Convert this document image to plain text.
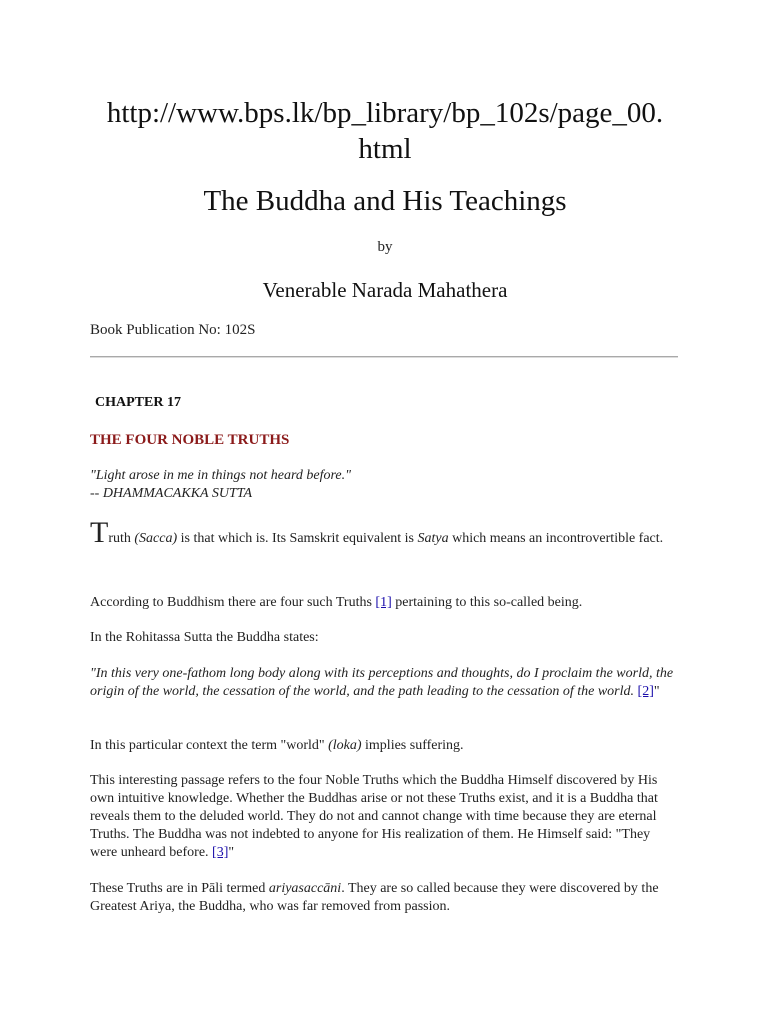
http://www.bps.lk/bp_library/bp_102s/page_00.
html
The Buddha and His Teachings
by
Venerable Narada Mahathera
Book Publication No: 102S
CHAPTER 17
THE FOUR NOBLE TRUTHS
"Light arose in me in things not heard before."
-- DHAMMACAKKA SUTTA
Truth (Sacca) is that which is. Its Samskrit equivalent is Satya which means an incontrovertible fact.
According to Buddhism there are four such Truths [1] pertaining to this so-called being.
In the Rohitassa Sutta the Buddha states:
"In this very one-fathom long body along with its perceptions and thoughts, do I proclaim the world, the origin of the world, the cessation of the world, and the path leading to the cessation of the world. [2]"
In this particular context the term "world" (loka) implies suffering.
This interesting passage refers to the four Noble Truths which the Buddha Himself discovered by His own intuitive knowledge. Whether the Buddhas arise or not these Truths exist, and it is a Buddha that reveals them to the deluded world. They do not and cannot change with time because they are eternal Truths. The Buddha was not indebted to anyone for His realization of them. He Himself said: "They were unheard before. [3]"
These Truths are in Pāli termed ariyasaccāni. They are so called because they were discovered by the Greatest Ariya, the Buddha, who was far removed from passion.
